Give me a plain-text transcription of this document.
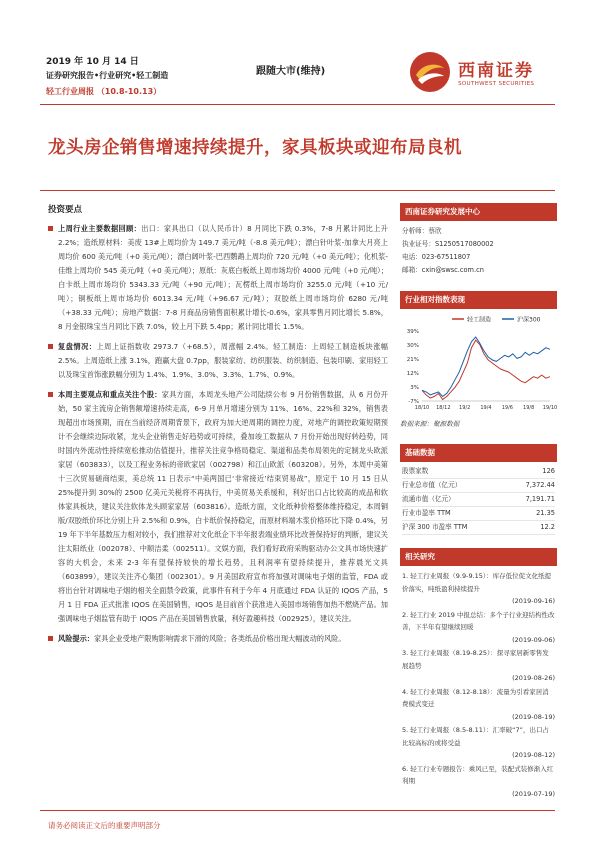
2019 年 10 月 14 日
证券研究报告•行业研究•轻工制造
轻工行业周报 （10.8-10.13）
跟随大市(维持)	西南证券
SOUTHWEST SECURITIES
龙头房企销售增速持续提升，家具板块或迎布局良机
投资要点
上周行业主要数据回顾：出口：家具出口（以人民币计）8 月同比下跌 0.3%，7-8 月累计同比上升 2.2%；造纸原材料：美废 13#上周均价为 149.7 美元/吨（-8.8 美元/吨）；漂白针叶浆-加拿大月亮上周均价 600 美元/吨（+0 美元/吨）；漂白阔叶浆-巴西鹦鹉上周均价 720 元/吨（+0 美元/吨）；化机浆-佳维上周均价 545 美元/吨（+0 美元/吨）；原纸：灰底白板纸上周市场均价 4000 元/吨（+0 元/吨）；白卡纸上周市场均价 5343.33 元/吨（+90 元/吨）；瓦楞纸上周市场均价 3255.0 元/吨（+10 元/吨）；铜板纸上周市场均价 6013.34 元/吨（+96.67 元/吨）；双胶纸上周市场均价 6280 元/吨（+38.33 元/吨）；房地产数据：7-8 月商品房销售面积累计增长-0.6%，家具零售月同比增长 5.8%，8 月金银珠宝当月同比下跌 7.0%，较上月下跌 5.4pp；累计同比增长 1.5%。
复盘情况：上周上证指数收 2973.7（+68.5），周涨幅 2.4%。轻工制造：上周轻工制造板块涨幅 2.5%。上周造纸上涨 3.1%，跑赢大盘 0.7pp，服装家纺、纺织服装、纺织制造、包装印刷、家用轻工以及珠宝首饰涨跌幅分别为 1.4%、1.9%、3.0%、3.3%、1.7%、0.9%。
本周主要观点和重点关注个股：家具方面，本周龙头地产公司陆续公布 9 月份销售数据，从 6 月份开始，50 家主流房企销售额增速持续走高，6-9 月单月增速分别为 11%、16%、22%和 32%，销售表现超出市场预期，而在当前经济周期背景下，政府为加大逆周期的调控力度，对地产的调控政策短期预计不会继续边际收紧，龙头企业销售走好趋势或可持续，叠加竣工数据从 7 月份开始出现好转趋势，同时国内外流动性持续宽松推动估值提升，推荐关注竞争格局稳定、渠道和品类布局领先的定制龙头欧派家居（603833），以及工程业务标的帝欧家居（002798）和江山欧派（603208）。另外，本周中美第十三次贸易磋商结束，美总统 11 日表示“中美两国已‘非常接近’结束贸易战”，原定于 10 月 15 日从 25%提升到 30%的 2500 亿美元关税将不再执行，中美贸易关系缓和，利好出口占比较高的成品和软体家具板块，建议关注软体龙头顾家家居（603816）。造纸方面，文化纸种价格整体维持稳定，本周铜版/双胶纸价环比分别上升 2.5%和 0.9%，白卡纸价保持稳定，而原材料端木浆价格环比下降 0.4%，另 19 年下半年基数压力相对较小，我们推荐对文化纸企下半年报表端业绩环比改善保持好的判断，建议关注太阳纸业（002078）、中顺洁柔（002511）。文娱方面，我们看好政府采购驱动办公文具市场快速扩容的大机会，未来 2-3 年有望保持较快的增长趋势，且利润率有望持续提升，推荐晨光文具（603899），建议关注齐心集团（002301）。9 月美国政府宣布将加强对调味电子烟的监管，FDA 或将出台针对调味电子烟的相关全面禁令政策，此事件有利于今年 4 月底通过 FDA 认证的 IQOS 产品，5 月 1 日 FDA 正式批准 IQOS 在美国销售，IQOS 是目前首个获准进入美国市场销售加热不燃烧产品。加强调味电子烟监管有助于 IQOS 产品在美国销售放量，利好盈趣科技（002925），建议关注。
风险提示：家具企业受地产限购影响需求下滑的风险；各类纸品价格出现大幅波动的风险。
西南证券研究发展中心
分析师：蔡欣
执业证号：S1250517080002
电话：023-67511807
邮箱：cxin@swsc.com.cn
行业相对指数表现
轻工制造	沪深300
39%
30%
21%
12%
3%
-7%
18/10 18/12 19/2 19/4 19/6 19/8 19/10
数据来源：聚源数据
基础数据
股票家数	126
行业总市值（亿元）	7,372.44
流通市值（亿元）	7,191.71
行业市盈率 TTM	21.35
沪深 300 市盈率 TTM	12.2
相关研究
1. 轻工行业周报（9.9-9.15）：库存低位促文化纸提价落实，吨纸盈利持续提升
(2019-09-16)
2. 轻工行业 2019 中报总结：多个子行业迎结构性改善，下半年有望继续回暖
(2019-09-06)
3. 轻工行业周报（8.19-8.25）：探寻家居新零售发展趋势
(2019-08-26)
4. 轻工行业周报（8.12-8.18）：流量为引看家居消费模式变迁
(2019-08-19)
5. 轻工行业周报（8.5-8.11）：汇率破“7”，出口占比较高标的或将受益
(2019-08-12)
6. 轻工行业专题报告：乘风已至，装配式装修渐入红利期
(2019-07-19)
请务必阅读正文后的重要声明部分
